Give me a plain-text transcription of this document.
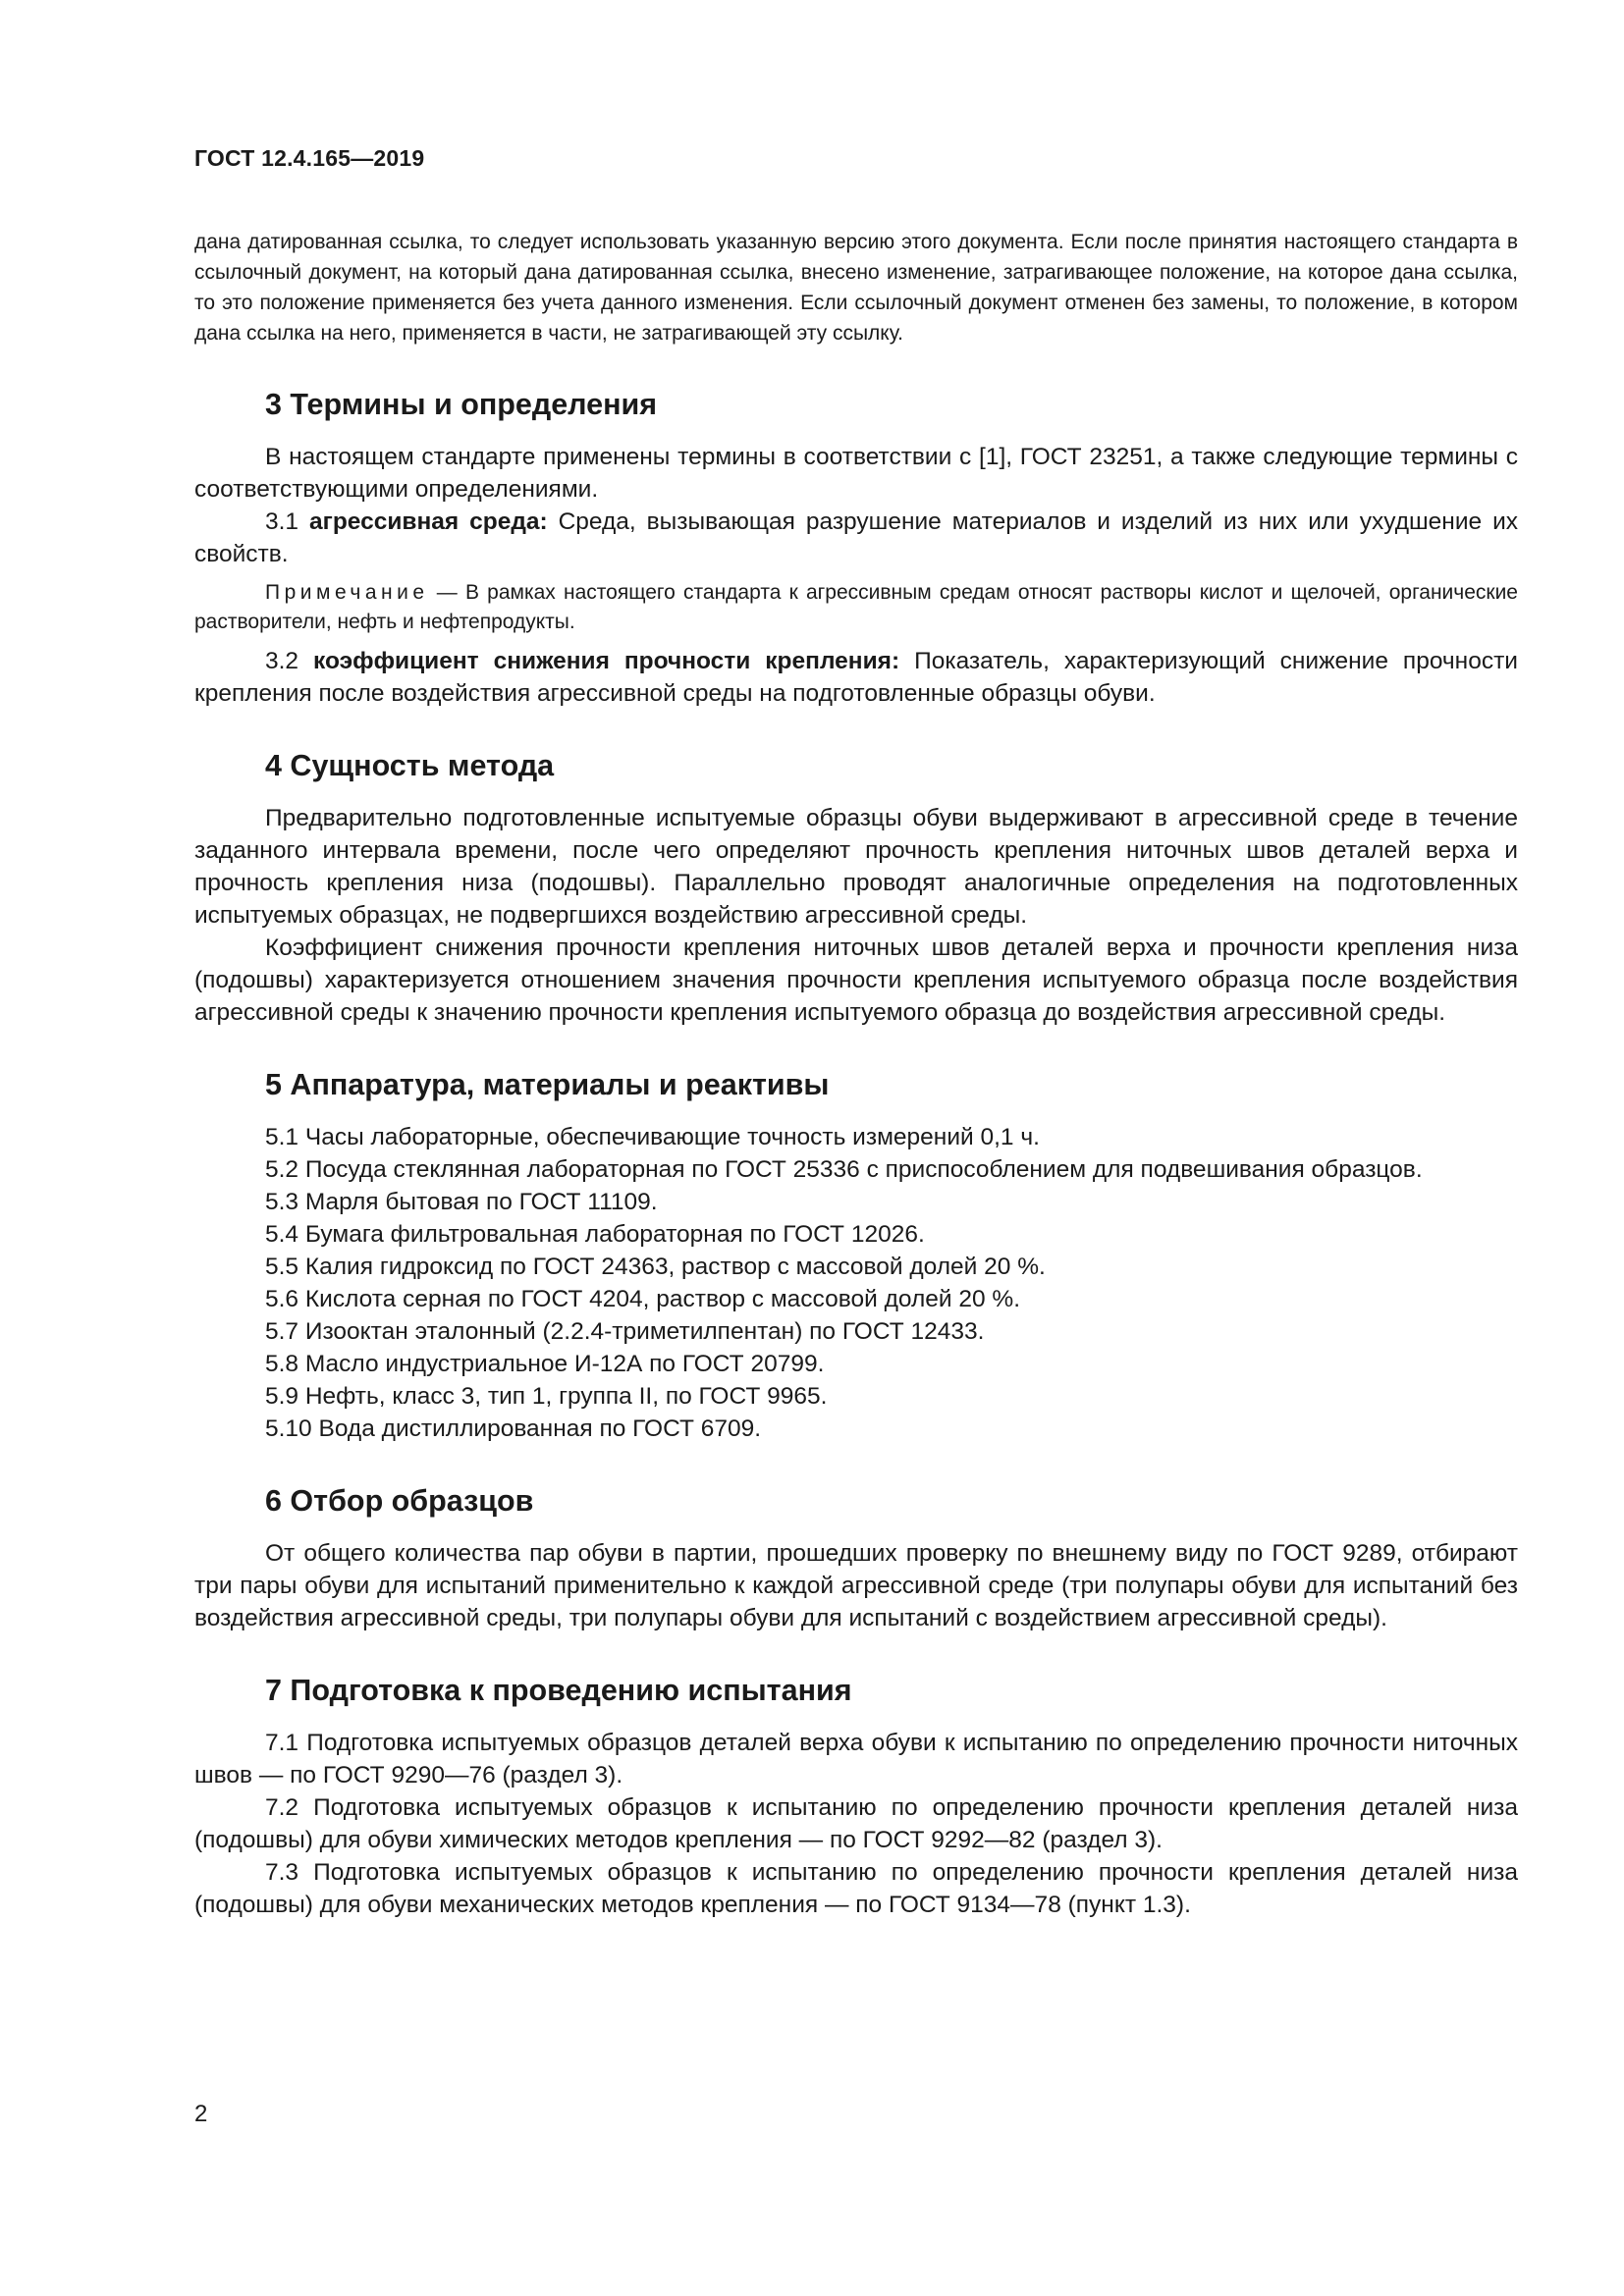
ГОСТ 12.4.165—2019

дана датированная ссылка, то следует использовать указанную версию этого документа. Если после принятия настоящего стандарта в ссылочный документ, на который дана датированная ссылка, внесено изменение, затрагивающее положение, на которое дана ссылка, то это положение применяется без учета данного изменения. Если ссылочный документ отменен без замены, то положение, в котором дана ссылка на него, применяется в части, не затрагивающей эту ссылку.

3 Термины и определения

В настоящем стандарте применены термины в соответствии с [1], ГОСТ 23251, а также следующие термины с соответствующими определениями.

3.1 агрессивная среда: Среда, вызывающая разрушение материалов и изделий из них или ухудшение их свойств.

Примечание — В рамках настоящего стандарта к агрессивным средам относят растворы кислот и щелочей, органические растворители, нефть и нефтепродукты.

3.2 коэффициент снижения прочности крепления: Показатель, характеризующий снижение прочности крепления после воздействия агрессивной среды на подготовленные образцы обуви.

4 Сущность метода

Предварительно подготовленные испытуемые образцы обуви выдерживают в агрессивной среде в течение заданного интервала времени, после чего определяют прочность крепления ниточных швов деталей верха и прочность крепления низа (подошвы). Параллельно проводят аналогичные определения на подготовленных испытуемых образцах, не подвергшихся воздействию агрессивной среды.

Коэффициент снижения прочности крепления ниточных швов деталей верха и прочности крепления низа (подошвы) характеризуется отношением значения прочности крепления испытуемого образца после воздействия агрессивной среды к значению прочности крепления испытуемого образца до воздействия агрессивной среды.

5 Аппаратура, материалы и реактивы

5.1 Часы лабораторные, обеспечивающие точность измерений 0,1 ч.

5.2 Посуда стеклянная лабораторная по ГОСТ 25336 с приспособлением для подвешивания образцов.

5.3 Марля бытовая по ГОСТ 11109.

5.4 Бумага фильтровальная лабораторная по ГОСТ 12026.

5.5 Калия гидроксид по ГОСТ 24363, раствор с массовой долей 20 %.

5.6 Кислота серная по ГОСТ 4204, раствор с массовой долей 20 %.

5.7 Изооктан эталонный (2.2.4-триметилпентан) по ГОСТ 12433.

5.8 Масло индустриальное И-12А по ГОСТ 20799.

5.9 Нефть, класс 3, тип 1, группа II, по ГОСТ 9965.

5.10 Вода дистиллированная по ГОСТ 6709.

6 Отбор образцов

От общего количества пар обуви в партии, прошедших проверку по внешнему виду по ГОСТ 9289, отбирают три пары обуви для испытаний применительно к каждой агрессивной среде (три полупары обуви для испытаний без воздействия агрессивной среды, три полупары обуви для испытаний с воздействием агрессивной среды).

7 Подготовка к проведению испытания

7.1 Подготовка испытуемых образцов деталей верха обуви к испытанию по определению прочности ниточных швов — по ГОСТ 9290—76 (раздел 3).

7.2 Подготовка испытуемых образцов к испытанию по определению прочности крепления деталей низа (подошвы) для обуви химических методов крепления — по ГОСТ 9292—82 (раздел 3).

7.3 Подготовка испытуемых образцов к испытанию по определению прочности крепления деталей низа (подошвы) для обуви механических методов крепления — по ГОСТ 9134—78 (пункт 1.3).

2
